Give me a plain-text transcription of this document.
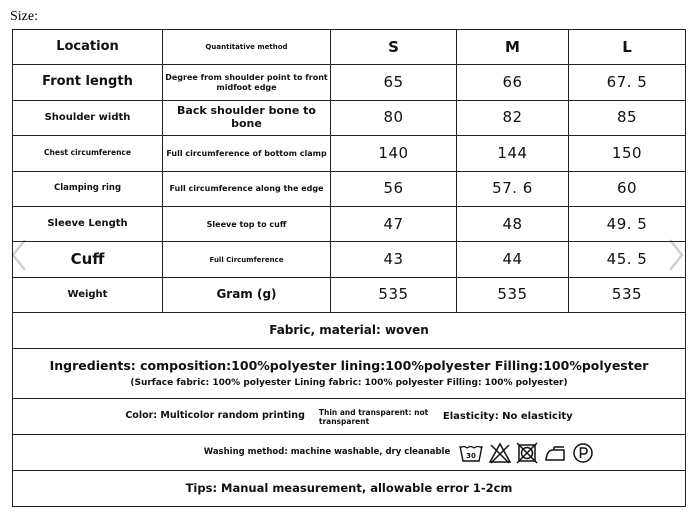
Size:
Location	Quantitative method	S	M	L
Front length	Degree from shoulder point to front midfoot edge	65	66	67. 5
Shoulder width	Back shoulder bone to bone	80	82	85
Chest circumference	Full circumference of bottom clamp	140	144	150
Clamping ring	Full circumference along the edge	56	57. 6	60
Sleeve Length	Sleeve top to cuff	47	48	49. 5
Cuff	Full Circumference	43	44	45. 5
Weight	Gram (g)	535	535	535
Fabric, material: woven				

Ingredients: composition:100%polyester lining:100%polyester Filling:100%polyester
(Surface fabric: 100% polyester Lining fabric: 100% polyester Filling: 100% polyester)				

Color: Multicolor random printing Thin and transparent: not transparent Elasticity: No elasticity				

Washing method: machine washable, dry cleanable 30				

Tips: Manual measurement, allowable error 1-2cm				
